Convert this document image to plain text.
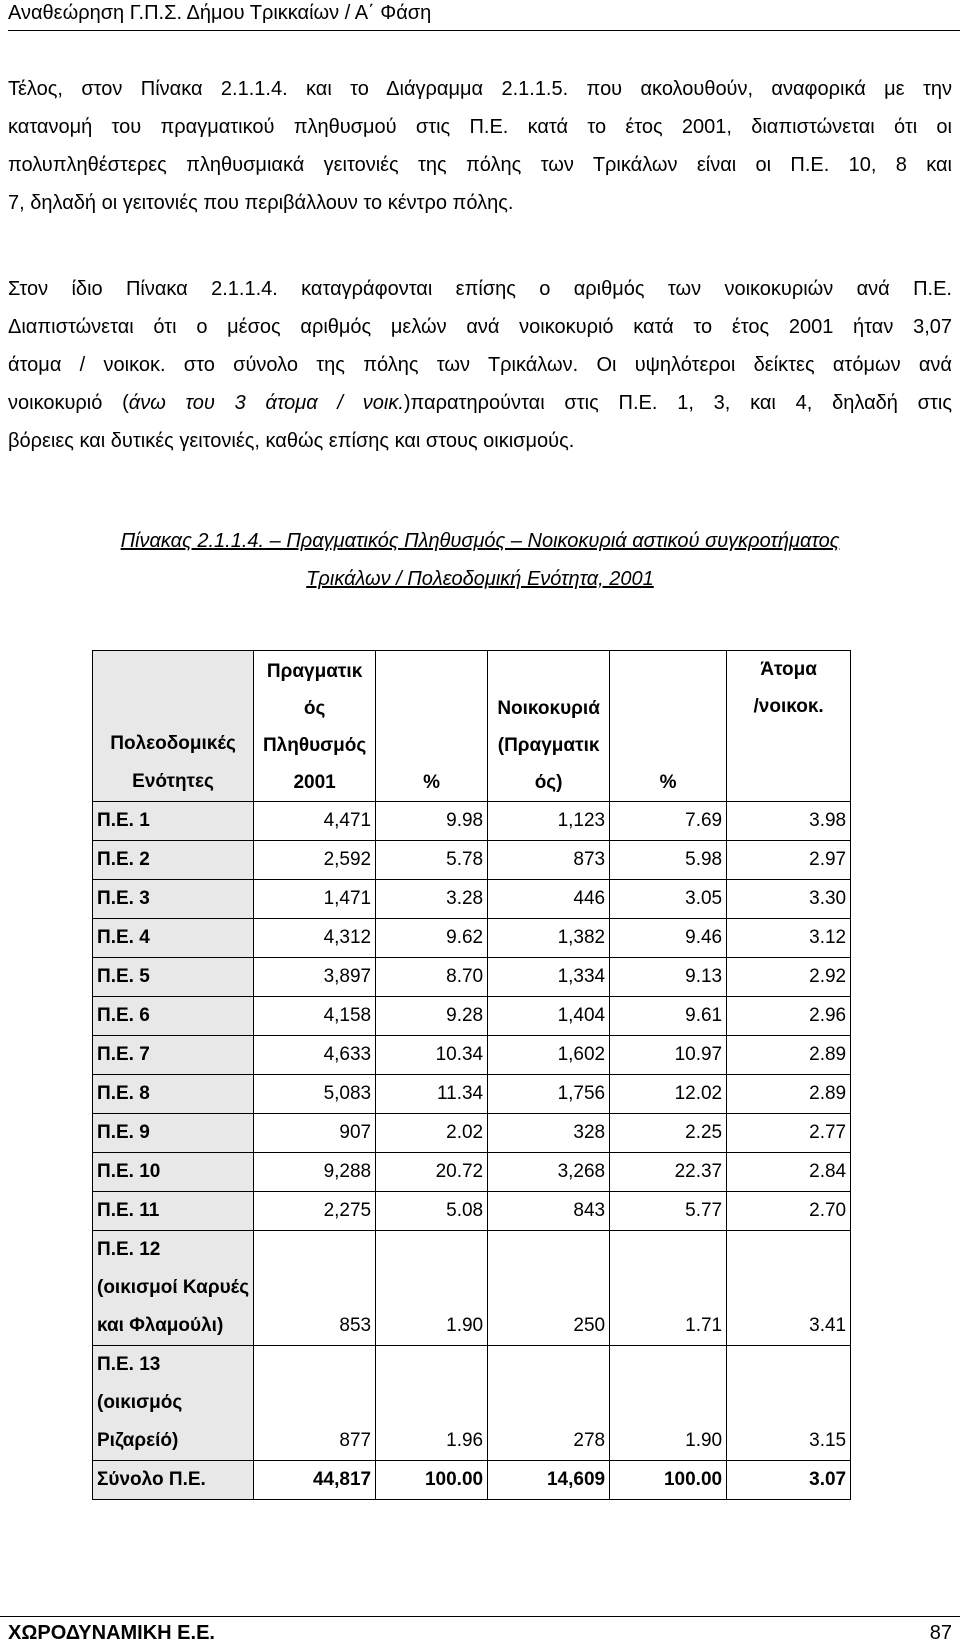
Αναθεώρηση Γ.Π.Σ. Δήμου Τρικκαίων / Α΄ Φάση

Τέλος, στον Πίνακα 2.1.1.4. και το Διάγραμμα 2.1.1.5. που ακολουθούν, αναφορικά με την

κατανομή του πραγματικού πληθυσμού στις Π.Ε. κατά το έτος 2001, διαπιστώνεται ότι οι

πολυπληθέστερες πληθυσμιακά γειτονιές της πόλης των Τρικάλων είναι οι Π.Ε. 10, 8 και

7, δηλαδή οι γειτονιές που περιβάλλουν το κέντρο πόλης.

Στον ίδιο Πίνακα 2.1.1.4. καταγράφονται επίσης ο αριθμός των νοικοκυριών ανά Π.Ε.

Διαπιστώνεται ότι ο μέσος αριθμός μελών ανά νοικοκυριό κατά το έτος 2001 ήταν 3,07

άτομα / νοικοκ. στο σύνολο της πόλης των Τρικάλων. Οι υψηλότεροι δείκτες ατόμων ανά

νοικοκυριό (άνω του 3 άτομα / νοικ.)παρατηρούνται στις Π.Ε. 1, 3, και 4, δηλαδή στις

βόρειες και δυτικές γειτονιές, καθώς επίσης και στους οικισμούς.

Πίνακας 2.1.1.4. – Πραγματικός Πληθυσμός – Νοικοκυριά αστικού συγκροτήματος
Τρικάλων / Πολεοδομική Ενότητα, 2001
Πολεοδομικές
Ενότητες	Πραγματικ
ός
Πληθυσμός
2001	%	Νοικοκυριά
(Πραγματικ
ός)	%	Άτομα
/νοικοκ.

Π.Ε. 1	4,471	9.98	1,123	7.69	3.98

Π.Ε. 2	2,592	5.78	873	5.98	2.97

Π.Ε. 3	1,471	3.28	446	3.05	3.30

Π.Ε. 4	4,312	9.62	1,382	9.46	3.12

Π.Ε. 5	3,897	8.70	1,334	9.13	2.92

Π.Ε. 6	4,158	9.28	1,404	9.61	2.96

Π.Ε. 7	4,633	10.34	1,602	10.97	2.89

Π.Ε. 8	5,083	11.34	1,756	12.02	2.89

Π.Ε. 9	907	2.02	328	2.25	2.77

Π.Ε. 10	9,288	20.72	3,268	22.37	2.84

Π.Ε. 11	2,275	5.08	843	5.77	2.70

Π.Ε. 12
(οικισμοί Καρυές
και Φλαμούλι)	853	1.90	250	1.71	3.41

Π.Ε. 13
(οικισμός
Ριζαρείό)	877	1.96	278	1.90	3.15
Σύνολο Π.Ε.	44,817	100.00	14,609	100.00	3.07
ΧΩΡΟΔΥΝΑΜΙΚΗ Ε.Ε.	87
